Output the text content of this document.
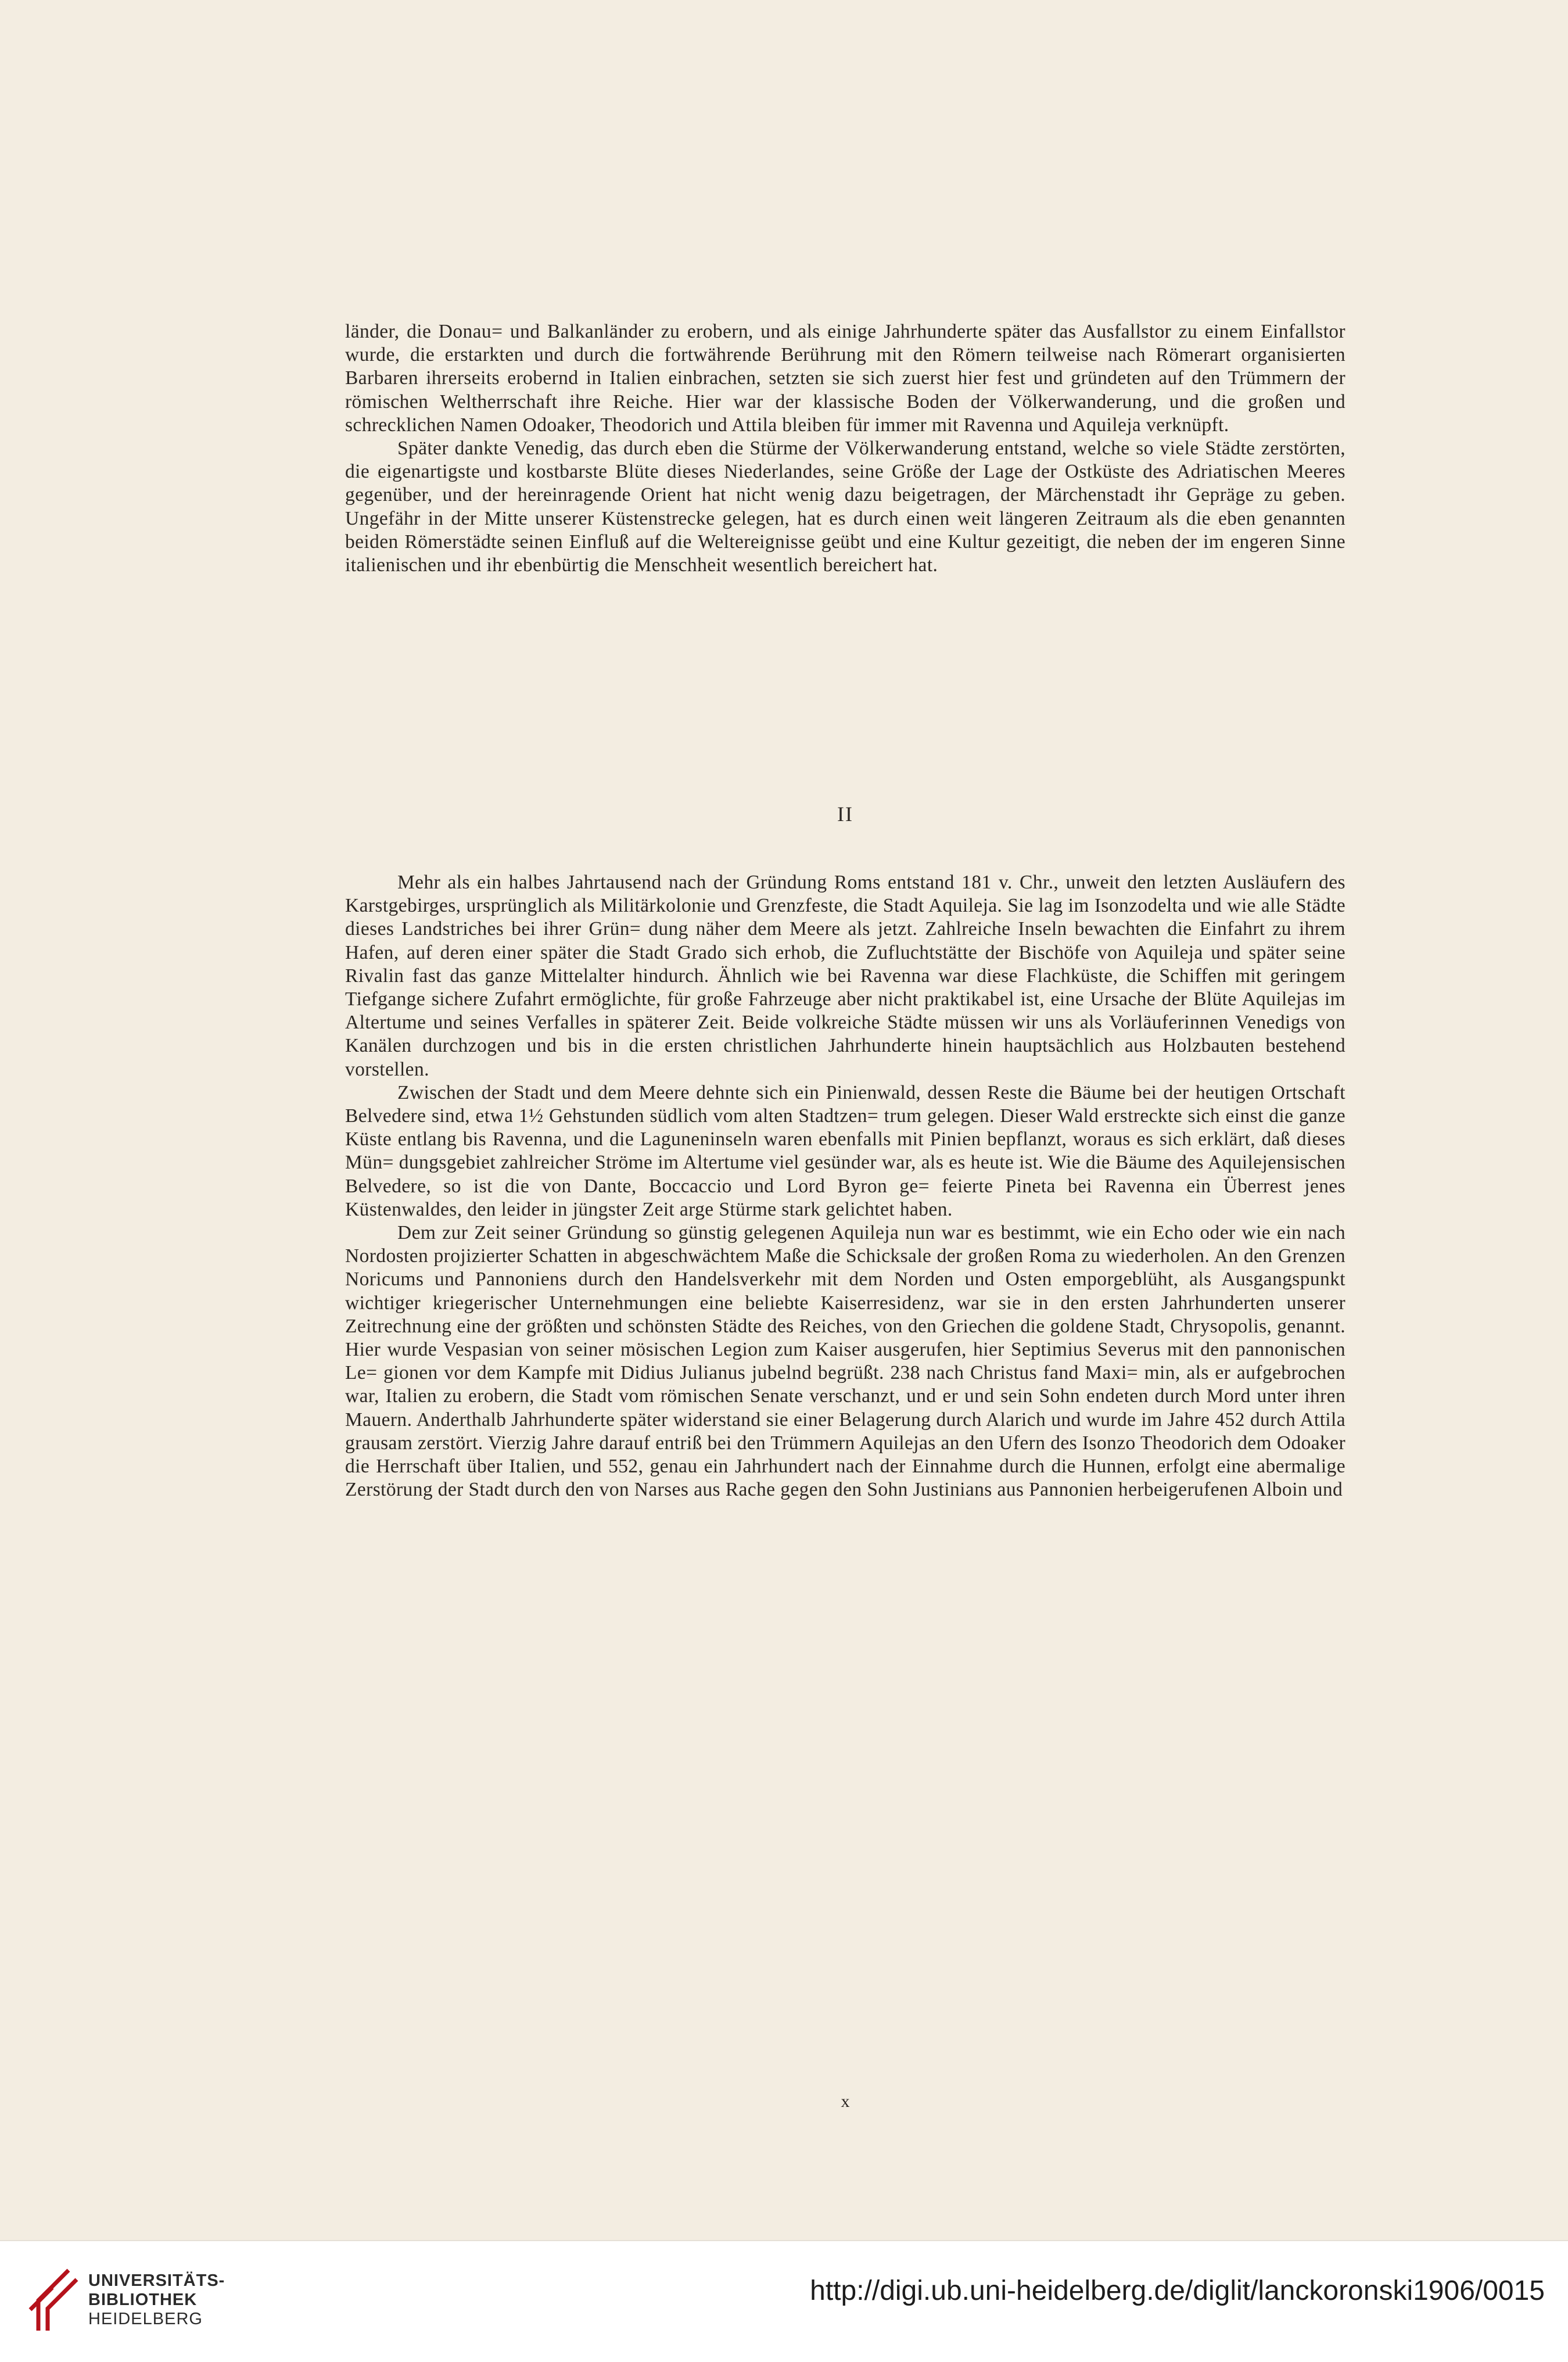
länder, die Donau= und Balkanländer zu erobern, und als einige Jahrhunderte später das Ausfallstor zu einem Einfallstor wurde, die erstarkten und durch die fortwährende Berührung mit den Römern teilweise nach Römerart organisierten Barbaren ihrerseits erobernd in Italien einbrachen, setzten sie sich zuerst hier fest und gründeten auf den Trümmern der römischen Weltherrschaft ihre Reiche. Hier war der klassische Boden der Völkerwanderung, und die großen und schrecklichen Namen Odoaker, Theodorich und Attila bleiben für immer mit Ravenna und Aquileja verknüpft.

Später dankte Venedig, das durch eben die Stürme der Völkerwanderung entstand, welche so viele Städte zerstörten, die eigenartigste und kostbarste Blüte dieses Niederlandes, seine Größe der Lage der Ostküste des Adriatischen Meeres gegenüber, und der hereinragende Orient hat nicht wenig dazu beigetragen, der Märchenstadt ihr Gepräge zu geben. Ungefähr in der Mitte unserer Küstenstrecke gelegen, hat es durch einen weit längeren Zeitraum als die eben genannten beiden Römerstädte seinen Einfluß auf die Weltereignisse geübt und eine Kultur gezeitigt, die neben der im engeren Sinne italienischen und ihr ebenbürtig die Menschheit wesentlich bereichert hat.

II

Mehr als ein halbes Jahrtausend nach der Gründung Roms entstand 181 v. Chr., unweit den letzten Ausläufern des Karstgebirges, ursprünglich als Militärkolonie und Grenzfeste, die Stadt Aquileja. Sie lag im Isonzodelta und wie alle Städte dieses Landstriches bei ihrer Grün= dung näher dem Meere als jetzt. Zahlreiche Inseln bewachten die Einfahrt zu ihrem Hafen, auf deren einer später die Stadt Grado sich erhob, die Zufluchtstätte der Bischöfe von Aquileja und später seine Rivalin fast das ganze Mittelalter hindurch. Ähnlich wie bei Ravenna war diese Flachküste, die Schiffen mit geringem Tiefgange sichere Zufahrt ermöglichte, für große Fahrzeuge aber nicht praktikabel ist, eine Ursache der Blüte Aquilejas im Altertume und seines Verfalles in späterer Zeit. Beide volkreiche Städte müssen wir uns als Vorläuferinnen Venedigs von Kanälen durchzogen und bis in die ersten christlichen Jahrhunderte hinein hauptsächlich aus Holzbauten bestehend vorstellen.

Zwischen der Stadt und dem Meere dehnte sich ein Pinienwald, dessen Reste die Bäume bei der heutigen Ortschaft Belvedere sind, etwa 1½ Gehstunden südlich vom alten Stadtzen= trum gelegen. Dieser Wald erstreckte sich einst die ganze Küste entlang bis Ravenna, und die Laguneninseln waren ebenfalls mit Pinien bepflanzt, woraus es sich erklärt, daß dieses Mün= dungsgebiet zahlreicher Ströme im Altertume viel gesünder war, als es heute ist. Wie die Bäume des Aquilejensischen Belvedere, so ist die von Dante, Boccaccio und Lord Byron ge= feierte Pineta bei Ravenna ein Überrest jenes Küstenwaldes, den leider in jüngster Zeit arge Stürme stark gelichtet haben.

Dem zur Zeit seiner Gründung so günstig gelegenen Aquileja nun war es bestimmt, wie ein Echo oder wie ein nach Nordosten projizierter Schatten in abgeschwächtem Maße die Schicksale der großen Roma zu wiederholen. An den Grenzen Noricums und Pannoniens durch den Handelsverkehr mit dem Norden und Osten emporgeblüht, als Ausgangspunkt wichtiger kriegerischer Unternehmungen eine beliebte Kaiserresidenz, war sie in den ersten Jahrhunderten unserer Zeitrechnung eine der größten und schönsten Städte des Reiches, von den Griechen die goldene Stadt, Chrysopolis, genannt. Hier wurde Vespasian von seiner mösischen Legion zum Kaiser ausgerufen, hier Septimius Severus mit den pannonischen Le= gionen vor dem Kampfe mit Didius Julianus jubelnd begrüßt. 238 nach Christus fand Maxi= min, als er aufgebrochen war, Italien zu erobern, die Stadt vom römischen Senate verschanzt, und er und sein Sohn endeten durch Mord unter ihren Mauern. Anderthalb Jahrhunderte später widerstand sie einer Belagerung durch Alarich und wurde im Jahre 452 durch Attila grausam zerstört. Vierzig Jahre darauf entriß bei den Trümmern Aquilejas an den Ufern des Isonzo Theodorich dem Odoaker die Herrschaft über Italien, und 552, genau ein Jahrhundert nach der Einnahme durch die Hunnen, erfolgt eine abermalige Zerstörung der Stadt durch den von Narses aus Rache gegen den Sohn Justinians aus Pannonien herbeigerufenen Alboin und

x
UNIVERSITÄTS-
BIBLIOTHEK
HEIDELBERG
http://digi.ub.uni-heidelberg.de/diglit/lanckoronski1906/0015
